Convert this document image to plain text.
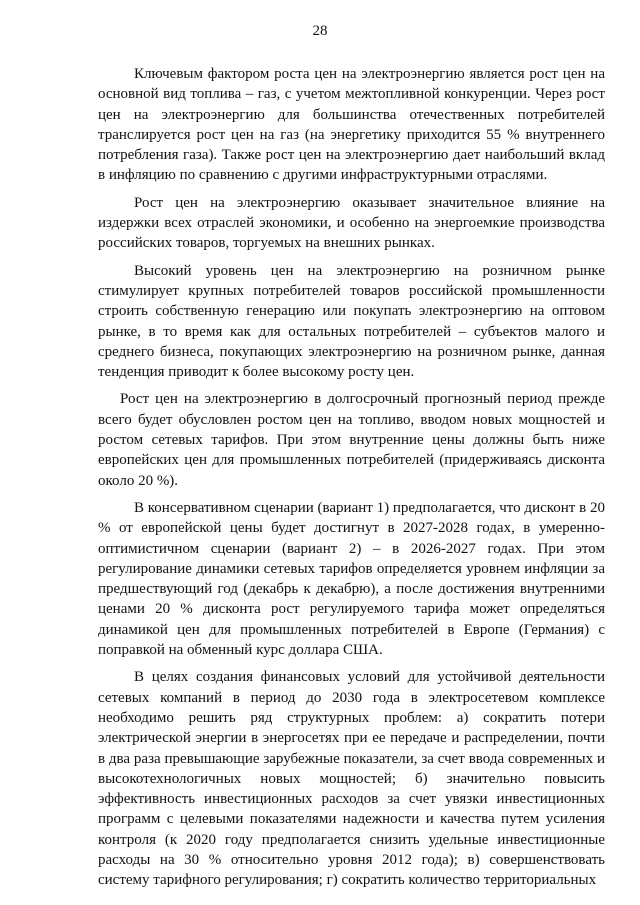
28

Ключевым фактором роста цен на электроэнергию является рост цен на основной вид топлива – газ, с учетом межтопливной конкуренции. Через рост цен на электроэнергию для большинства отечественных потребителей транслируется рост цен на газ (на энергетику приходится 55 % внутреннего потребления газа). Также рост цен на электроэнергию дает наибольший вклад в инфляцию по сравнению с другими инфраструктурными отраслями.

Рост цен на электроэнергию оказывает значительное влияние на издержки всех отраслей экономики, и особенно на энергоемкие производства российских товаров, торгуемых на внешних рынках.

Высокий уровень цен на электроэнергию на розничном рынке стимулирует крупных потребителей товаров российской промышленности строить собственную генерацию или покупать электроэнергию на оптовом рынке, в то время как для остальных потребителей – субъектов малого и среднего бизнеса, покупающих электроэнергию на розничном рынке, данная тенденция приводит к более высокому росту цен.

Рост цен на электроэнергию в долгосрочный прогнозный период прежде всего будет обусловлен ростом цен на топливо, вводом новых мощностей и ростом сетевых тарифов. При этом внутренние цены должны быть ниже европейских цен для промышленных потребителей (придерживаясь дисконта около 20 %).

В консервативном сценарии (вариант 1) предполагается, что дисконт в 20 % от европейской цены будет достигнут в 2027-2028 годах, в умеренно-оптимистичном сценарии (вариант 2) – в 2026-2027 годах. При этом регулирование динамики сетевых тарифов определяется уровнем инфляции за предшествующий год (декабрь к декабрю), а после достижения внутренними ценами 20 % дисконта рост регулируемого тарифа может определяться динамикой цен для промышленных потребителей в Европе (Германия) с поправкой на обменный курс доллара США.

В целях создания финансовых условий для устойчивой деятельности сетевых компаний в период до 2030 года в электросетевом комплексе необходимо решить ряд структурных проблем: а) сократить потери электрической энергии в энергосетях при ее передаче и распределении, почти в два раза превышающие зарубежные показатели, за счет ввода современных и высокотехнологичных новых мощностей; б) значительно повысить эффективность инвестиционных расходов за счет увязки инвестиционных программ с целевыми показателями надежности и качества путем усиления контроля (к 2020 году предполагается снизить удельные инвестиционные расходы на 30 % относительно уровня 2012 года); в) совершенствовать систему тарифного регулирования; г) сократить количество территориальных
